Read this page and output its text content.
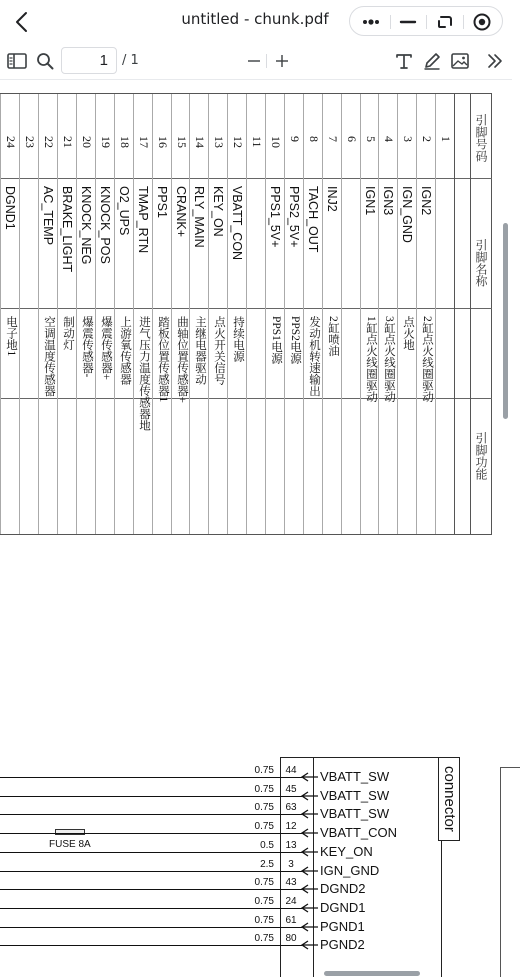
untitled - chunk.pdf
1
/ 1
引脚号码
引脚名称
引脚功能
1
2
IGN2
2缸点火线圈驱动
3
IGN_GND
点火地
4
IGN3
3缸点火线圈驱动
5
IGN1
1缸点火线圈驱动
6
7
INJ2
2缸喷油
8
TACH_OUT
发动机转速输出
9
PPS2_5V+
PPS2电源
10
PPS1_5V+
PPS1电源
11
12
VBATT_CON
持续电源
13
KEY_ON
点火开关信号
14
RLY_MAIN
主继电器驱动
15
CRANK+
曲轴位置传感器+
16
PPS1
踏板位置传感器1
17
TMAP_RTN
进气压力温度传感器地
18
O2_UPS
上游氧传感器
19
KNOCK_POS
爆震传感器+
20
KNOCK_NEG
爆震传感器-
21
BRAKE_LIGHT
制动灯
22
AC_TEMP
空调温度传感器
23
24
DGND1
电子地1
connector
FUSE 8A
0.75	44	VBATT_SW
0.75	45	VBATT_SW
0.75	63	VBATT_SW
0.75	12	VBATT_CON
0.5	13	KEY_ON
2.5	3	IGN_GND
0.75	43	DGND2
0.75	24	DGND1
0.75	61	PGND1
0.75	80	PGND2
